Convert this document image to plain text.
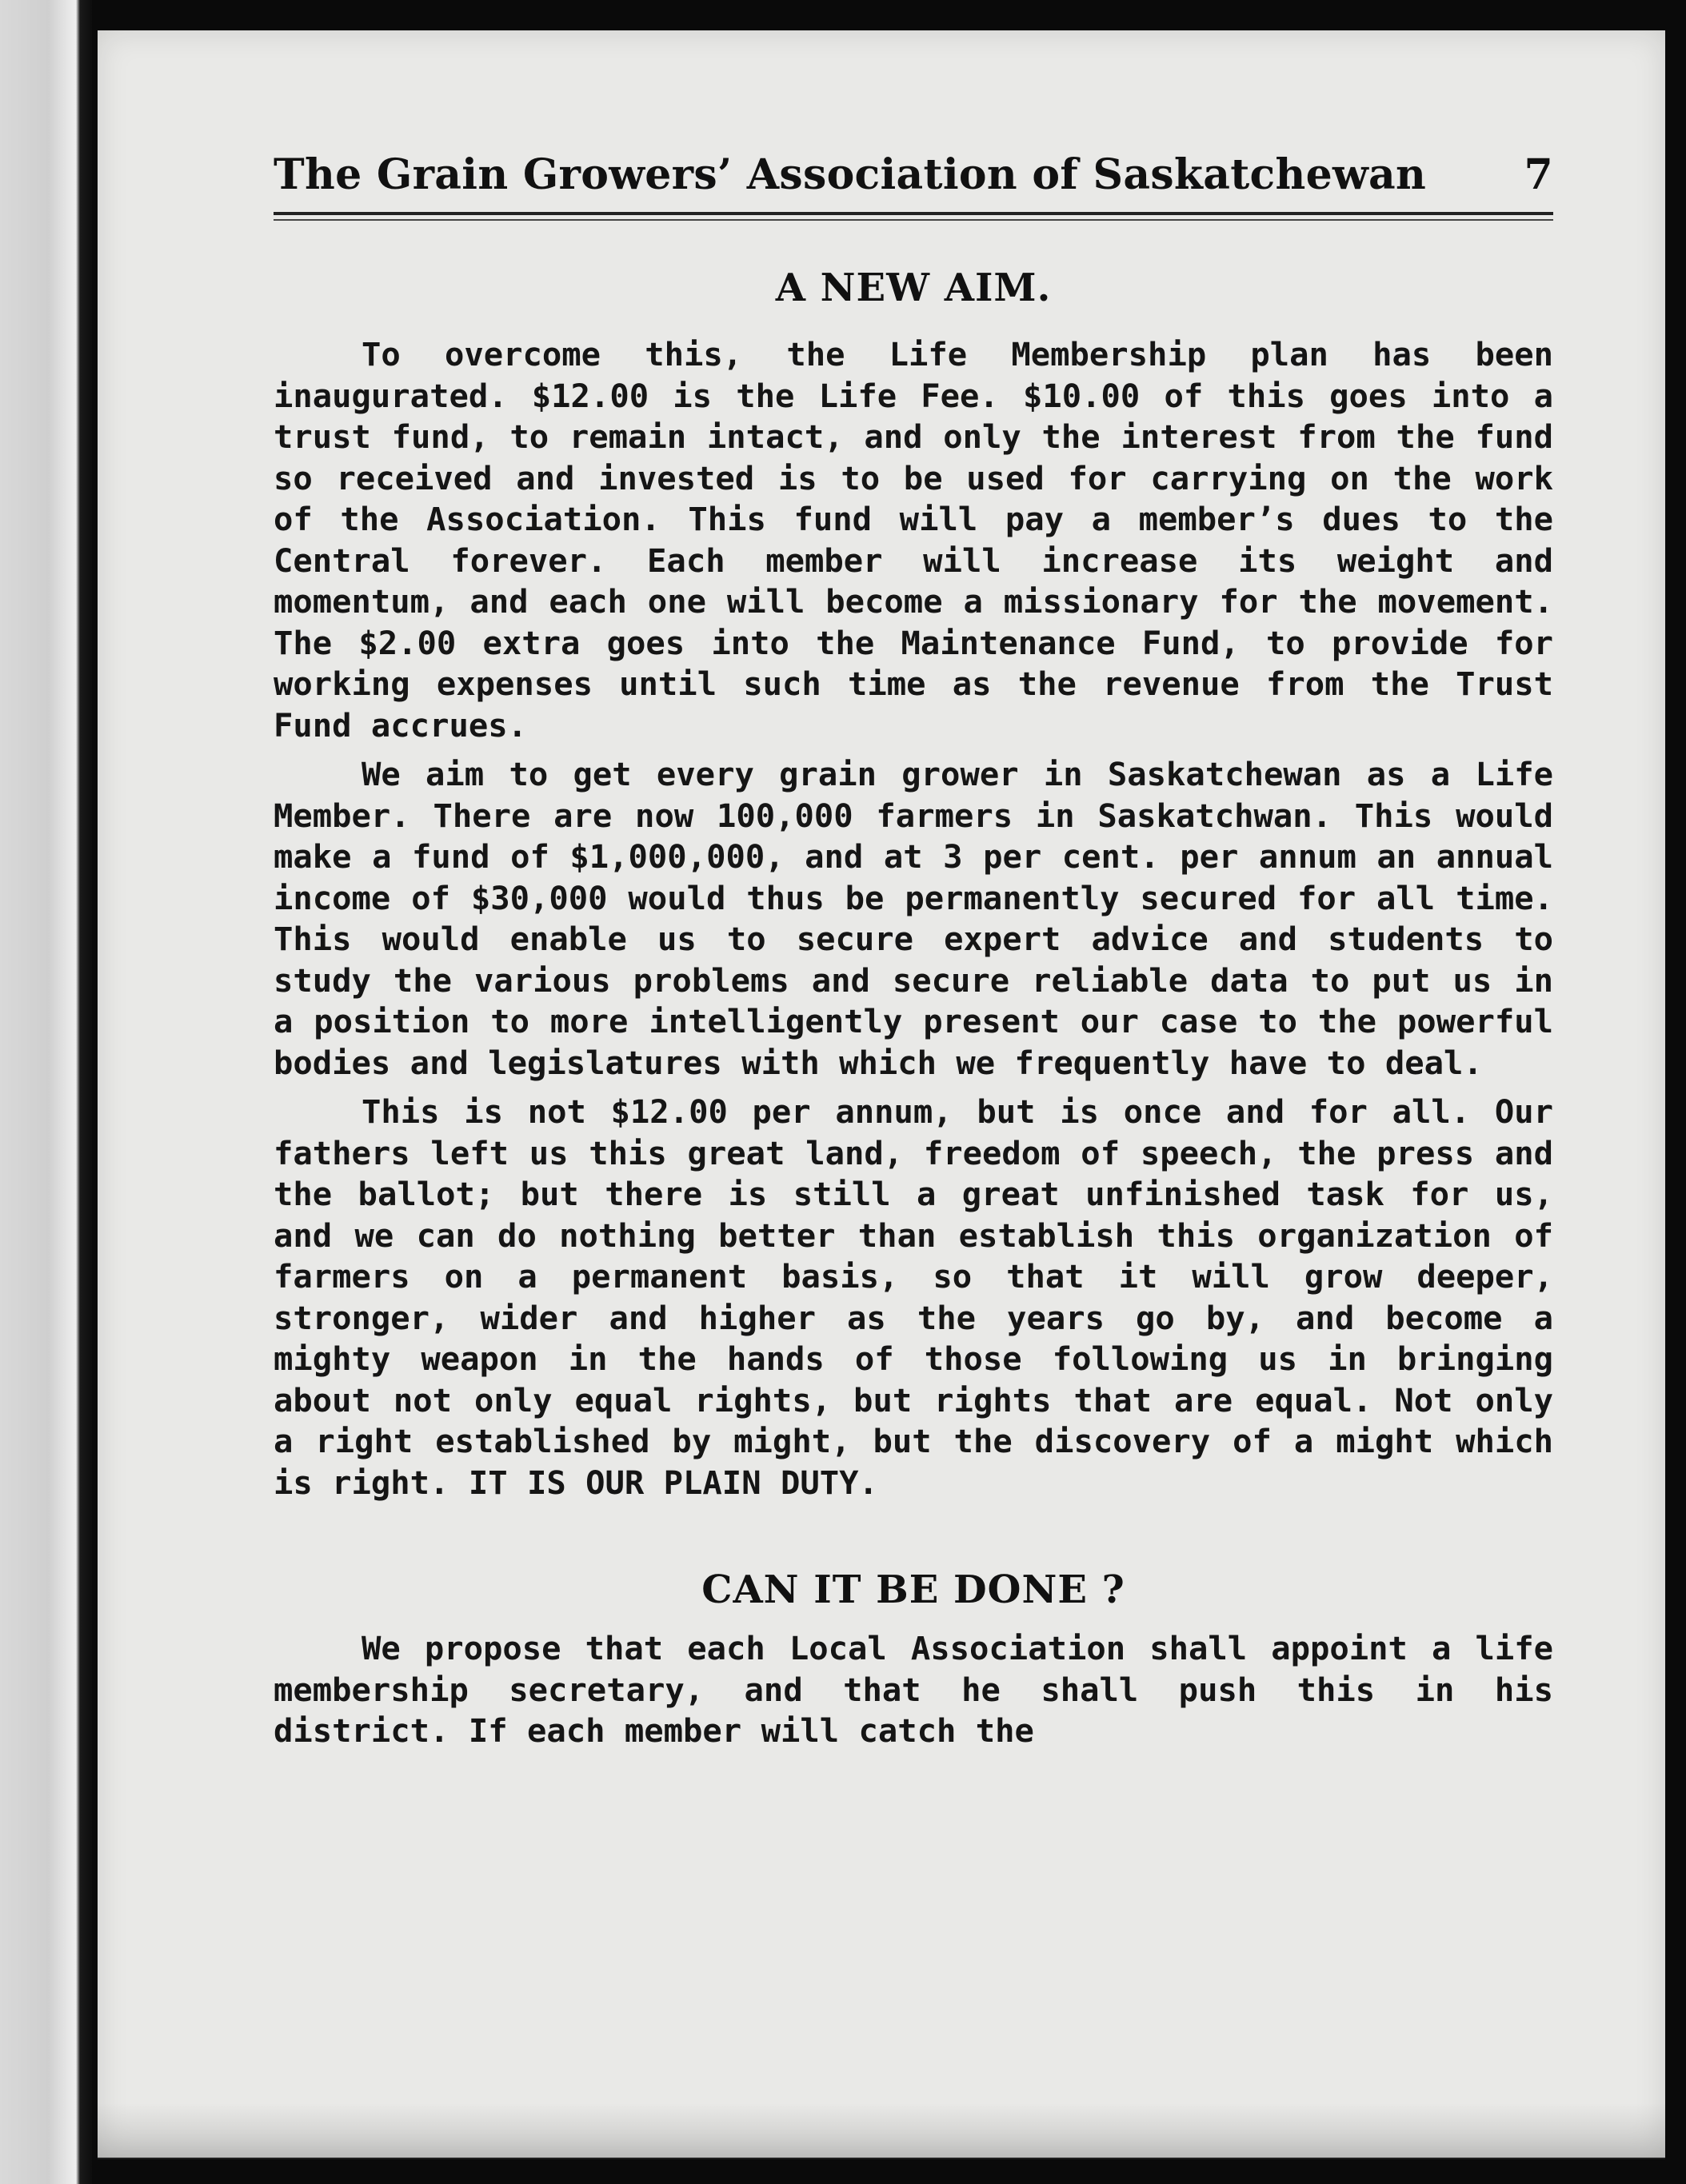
The Grain Growers’ Association of Saskatchewan 7
A NEW AIM.

To overcome this, the Life Membership plan has been inaugurated. $12.00 is the Life Fee. $10.00 of this goes into a trust fund, to remain intact, and only the interest from the fund so received and invested is to be used for carrying on the work of the Association. This fund will pay a member’s dues to the Central forever. Each member will increase its weight and momentum, and each one will become a missionary for the movement. The $2.00 extra goes into the Maintenance Fund, to provide for working expenses until such time as the revenue from the Trust Fund accrues.

We aim to get every grain grower in Saskatchewan as a Life Member. There are now 100,000 farmers in Saskatchwan. This would make a fund of $1,000,000, and at 3 per cent. per annum an annual income of $30,000 would thus be permanently secured for all time. This would enable us to secure expert advice and students to study the various problems and secure reliable data to put us in a position to more intelligently present our case to the powerful bodies and legislatures with which we frequently have to deal.

This is not $12.00 per annum, but is once and for all. Our fathers left us this great land, freedom of speech, the press and the ballot; but there is still a great unfinished task for us, and we can do nothing better than establish this organization of farmers on a permanent basis, so that it will grow deeper, stronger, wider and higher as the years go by, and become a mighty weapon in the hands of those following us in bringing about not only equal rights, but rights that are equal. Not only a right established by might, but the discovery of a might which is right. IT IS OUR PLAIN DUTY.

CAN IT BE DONE ?

We propose that each Local Association shall appoint a life membership secretary, and that he shall push this in his district. If each member will catch the
